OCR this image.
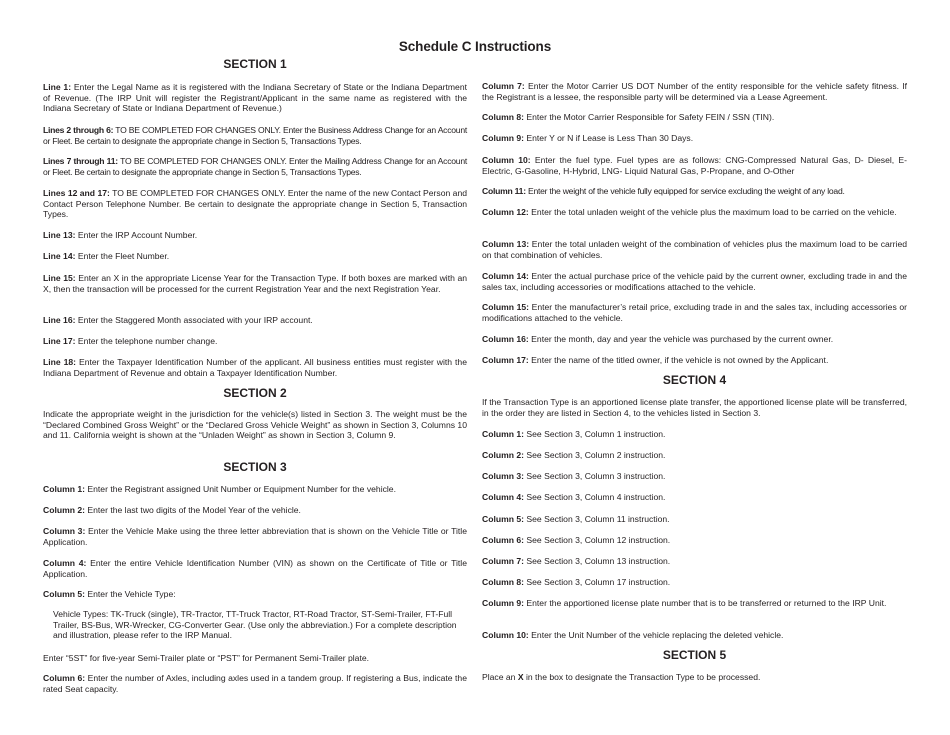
Schedule C Instructions
SECTION 1

Line 1: Enter the Legal Name as it is registered with the Indiana Secretary of State or the Indiana Department of Revenue. (The IRP Unit will register the Registrant/Applicant in the same name as registered with the Indiana Secretary of State or Indiana Department of Revenue.)

Lines 2 through 6: TO BE COMPLETED FOR CHANGES ONLY. Enter the Business Address Change for an Account or Fleet. Be certain to designate the appropriate change in Section 5, Transactions Types.

Lines 7 through 11: TO BE COMPLETED FOR CHANGES ONLY. Enter the Mailing Address Change for an Account or Fleet. Be certain to designate the appropriate change in Section 5, Transactions Types.

Lines 12 and 17: TO BE COMPLETED FOR CHANGES ONLY. Enter the name of the new Contact Person and Contact Person Telephone Number. Be certain to designate the appropriate change in Section 5, Transaction Types.

Line 13: Enter the IRP Account Number.

Line 14: Enter the Fleet Number.

Line 15: Enter an X in the appropriate License Year for the Transaction Type. If both boxes are marked with an X, then the transaction will be processed for the current Registration Year and the next Registration Year.

Line 16: Enter the Staggered Month associated with your IRP account.

Line 17: Enter the telephone number change.

Line 18: Enter the Taxpayer Identification Number of the applicant. All business entities must register with the Indiana Department of Revenue and obtain a Taxpayer Identification Number.

SECTION 2

Indicate the appropriate weight in the jurisdiction for the vehicle(s) listed in Section 3. The weight must be the “Declared Combined Gross Weight” or the “Declared Gross Vehicle Weight” as shown in Section 3, Columns 10 and 11. California weight is shown at the “Unladen Weight” as shown in Section 3, Column 9.

SECTION 3

Column 1: Enter the Registrant assigned Unit Number or Equipment Number for the vehicle.

Column 2: Enter the last two digits of the Model Year of the vehicle.

Column 3: Enter the Vehicle Make using the three letter abbreviation that is shown on the Vehicle Title or Title Application.

Column 4: Enter the entire Vehicle Identification Number (VIN) as shown on the Certificate of Title or Title Application.

Column 5: Enter the Vehicle Type:

Vehicle Types: TK-Truck (single), TR-Tractor, TT-Truck Tractor, RT-Road Tractor, ST-Semi-Trailer, FT-Full Trailer, BS-Bus, WR-Wrecker, CG-Converter Gear. (Use only the abbreviation.) For a complete description and illustration, please refer to the IRP Manual.

Enter “5ST” for five-year Semi-Trailer plate or “PST” for Permanent Semi-Trailer plate.

Column 6: Enter the number of Axles, including axles used in a tandem group. If registering a Bus, indicate the rated Seat capacity.

Column 7: Enter the Motor Carrier US DOT Number of the entity responsible for the vehicle safety fitness. If the Registrant is a lessee, the responsible party will be determined via a Lease Agreement.

Column 8: Enter the Motor Carrier Responsible for Safety FEIN / SSN (TIN).

Column 9: Enter Y or N if Lease is Less Than 30 Days.

Column 10: Enter the fuel type. Fuel types are as follows: CNG-Compressed Natural Gas, D- Diesel, E- Electric, G-Gasoline, H-Hybrid, LNG- Liquid Natural Gas, P-Propane, and O-Other

Column 11: Enter the weight of the vehicle fully equipped for service excluding the weight of any load.

Column 12: Enter the total unladen weight of the vehicle plus the maximum load to be carried on the vehicle.

Column 13: Enter the total unladen weight of the combination of vehicles plus the maximum load to be carried on that combination of vehicles.

Column 14: Enter the actual purchase price of the vehicle paid by the current owner, excluding trade in and the sales tax, including accessories or modifications attached to the vehicle.

Column 15: Enter the manufacturer’s retail price, excluding trade in and the sales tax, including accessories or modifications attached to the vehicle.

Column 16: Enter the month, day and year the vehicle was purchased by the current owner.

Column 17: Enter the name of the titled owner, if the vehicle is not owned by the Applicant.

SECTION 4

If the Transaction Type is an apportioned license plate transfer, the apportioned license plate will be transferred, in the order they are listed in Section 4, to the vehicles listed in Section 3.

Column 1: See Section 3, Column 1 instruction.

Column 2: See Section 3, Column 2 instruction.

Column 3: See Section 3, Column 3 instruction.

Column 4: See Section 3, Column 4 instruction.

Column 5: See Section 3, Column 11 instruction.

Column 6: See Section 3, Column 12 instruction.

Column 7: See Section 3, Column 13 instruction.

Column 8: See Section 3, Column 17 instruction.

Column 9: Enter the apportioned license plate number that is to be transferred or returned to the IRP Unit.

Column 10: Enter the Unit Number of the vehicle replacing the deleted vehicle.

SECTION 5

Place an X in the box to designate the Transaction Type to be processed.
